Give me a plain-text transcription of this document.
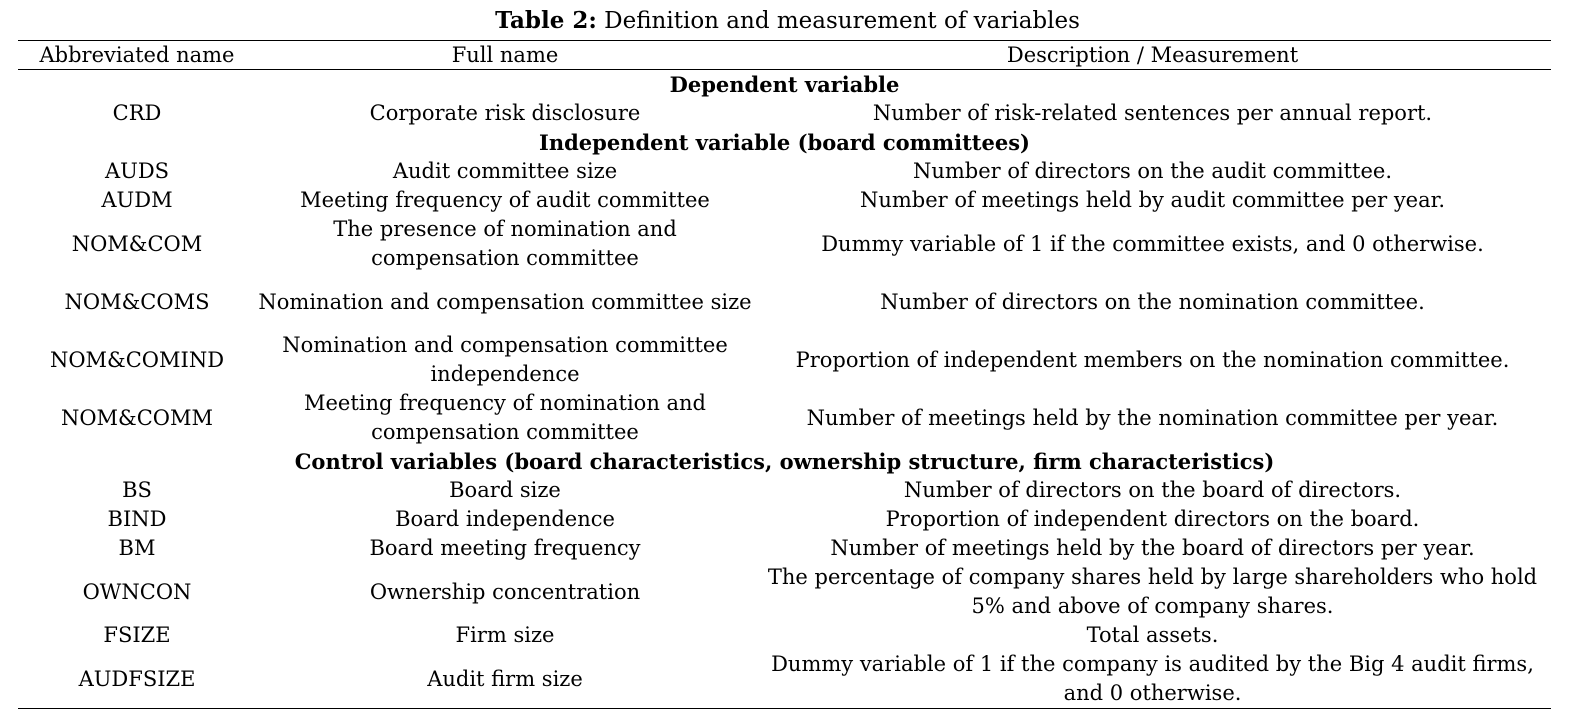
Table 2: Definition and measurement of variables
Abbreviated name	Full name	Description / Measurement
Dependent variable		
CRD	Corporate risk disclosure	Number of risk-related sentences per annual report.
Independent variable (board committees)		
AUDS	Audit committee size	Number of directors on the audit committee.
AUDM	Meeting frequency of audit committee	Number of meetings held by audit committee per year.
NOM&COM	The presence of nomination and compensation committee	Dummy variable of 1 if the committee exists, and 0 otherwise.
NOM&COMS	Nomination and compensation committee size	Number of directors on the nomination committee.
NOM&COMIND	Nomination and compensation committee independence	Proportion of independent members on the nomination committee.
NOM&COMM	Meeting frequency of nomination and compensation committee	Number of meetings held by the nomination committee per year.
Control variables (board characteristics, ownership structure, firm characteristics)		
BS	Board size	Number of directors on the board of directors.
BIND	Board independence	Proportion of independent directors on the board.
BM	Board meeting frequency	Number of meetings held by the board of directors per year.
OWNCON	Ownership concentration	The percentage of company shares held by large shareholders who hold 5% and above of company shares.
FSIZE	Firm size	Total assets.
AUDFSIZE	Audit firm size	Dummy variable of 1 if the company is audited by the Big 4 audit firms, and 0 otherwise.
